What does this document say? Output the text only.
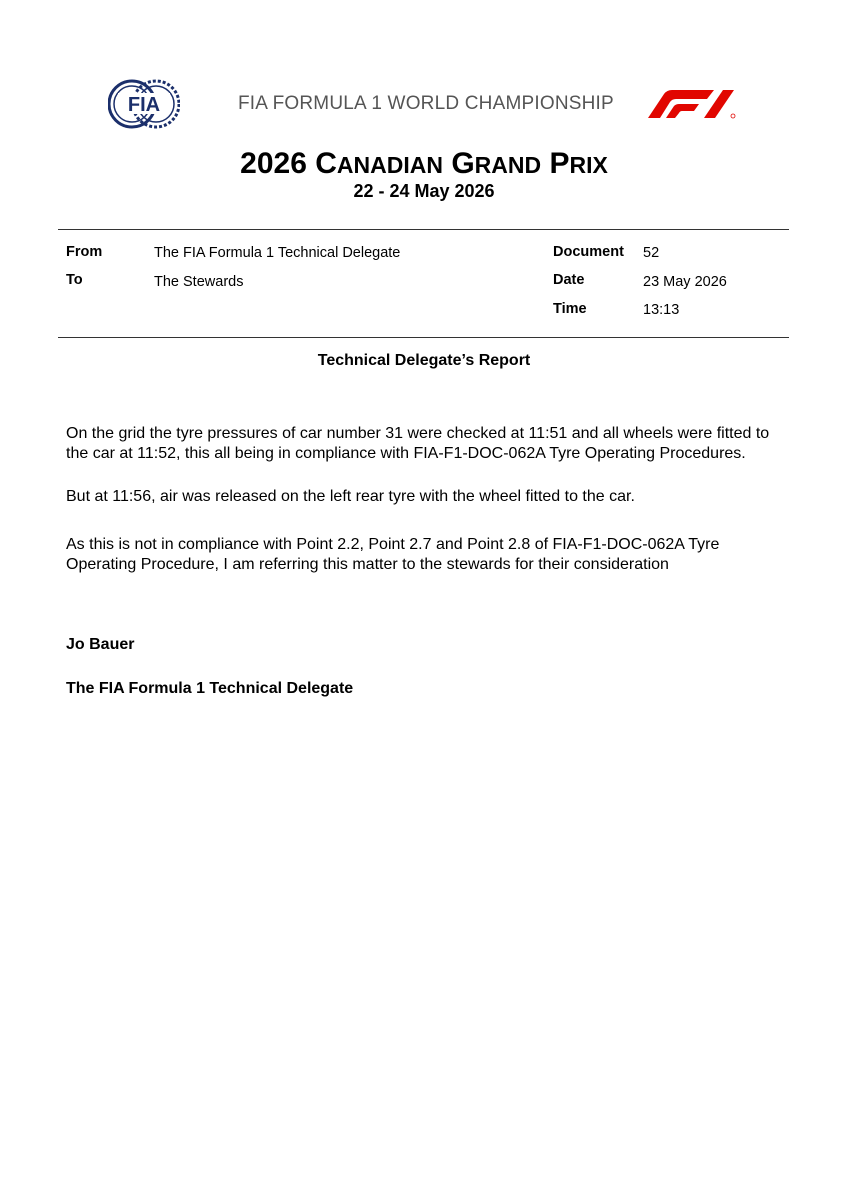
FIA	FIA FORMULA 1 WORLD CHAMPIONSHIP
2026 CANADIAN GRAND PRIX
22 - 24 May 2026
From	The FIA Formula 1 Technical Delegate
To	The Stewards
Document 52
Date	23 May 2026
Time	13:13
Technical Delegate’s Report
On the grid the tyre pressures of car number 31 were checked at 11:51 and all wheels were fitted to the car at 11:52, this all being in compliance with FIA-F1-DOC-062A Tyre Operating Procedures.
But at 11:56, air was released on the left rear tyre with the wheel fitted to the car.
As this is not in compliance with Point 2.2, Point 2.7 and Point 2.8 of FIA-F1-DOC-062A Tyre Operating Procedure, I am referring this matter to the stewards for their consideration
Jo Bauer
The FIA Formula 1 Technical Delegate
